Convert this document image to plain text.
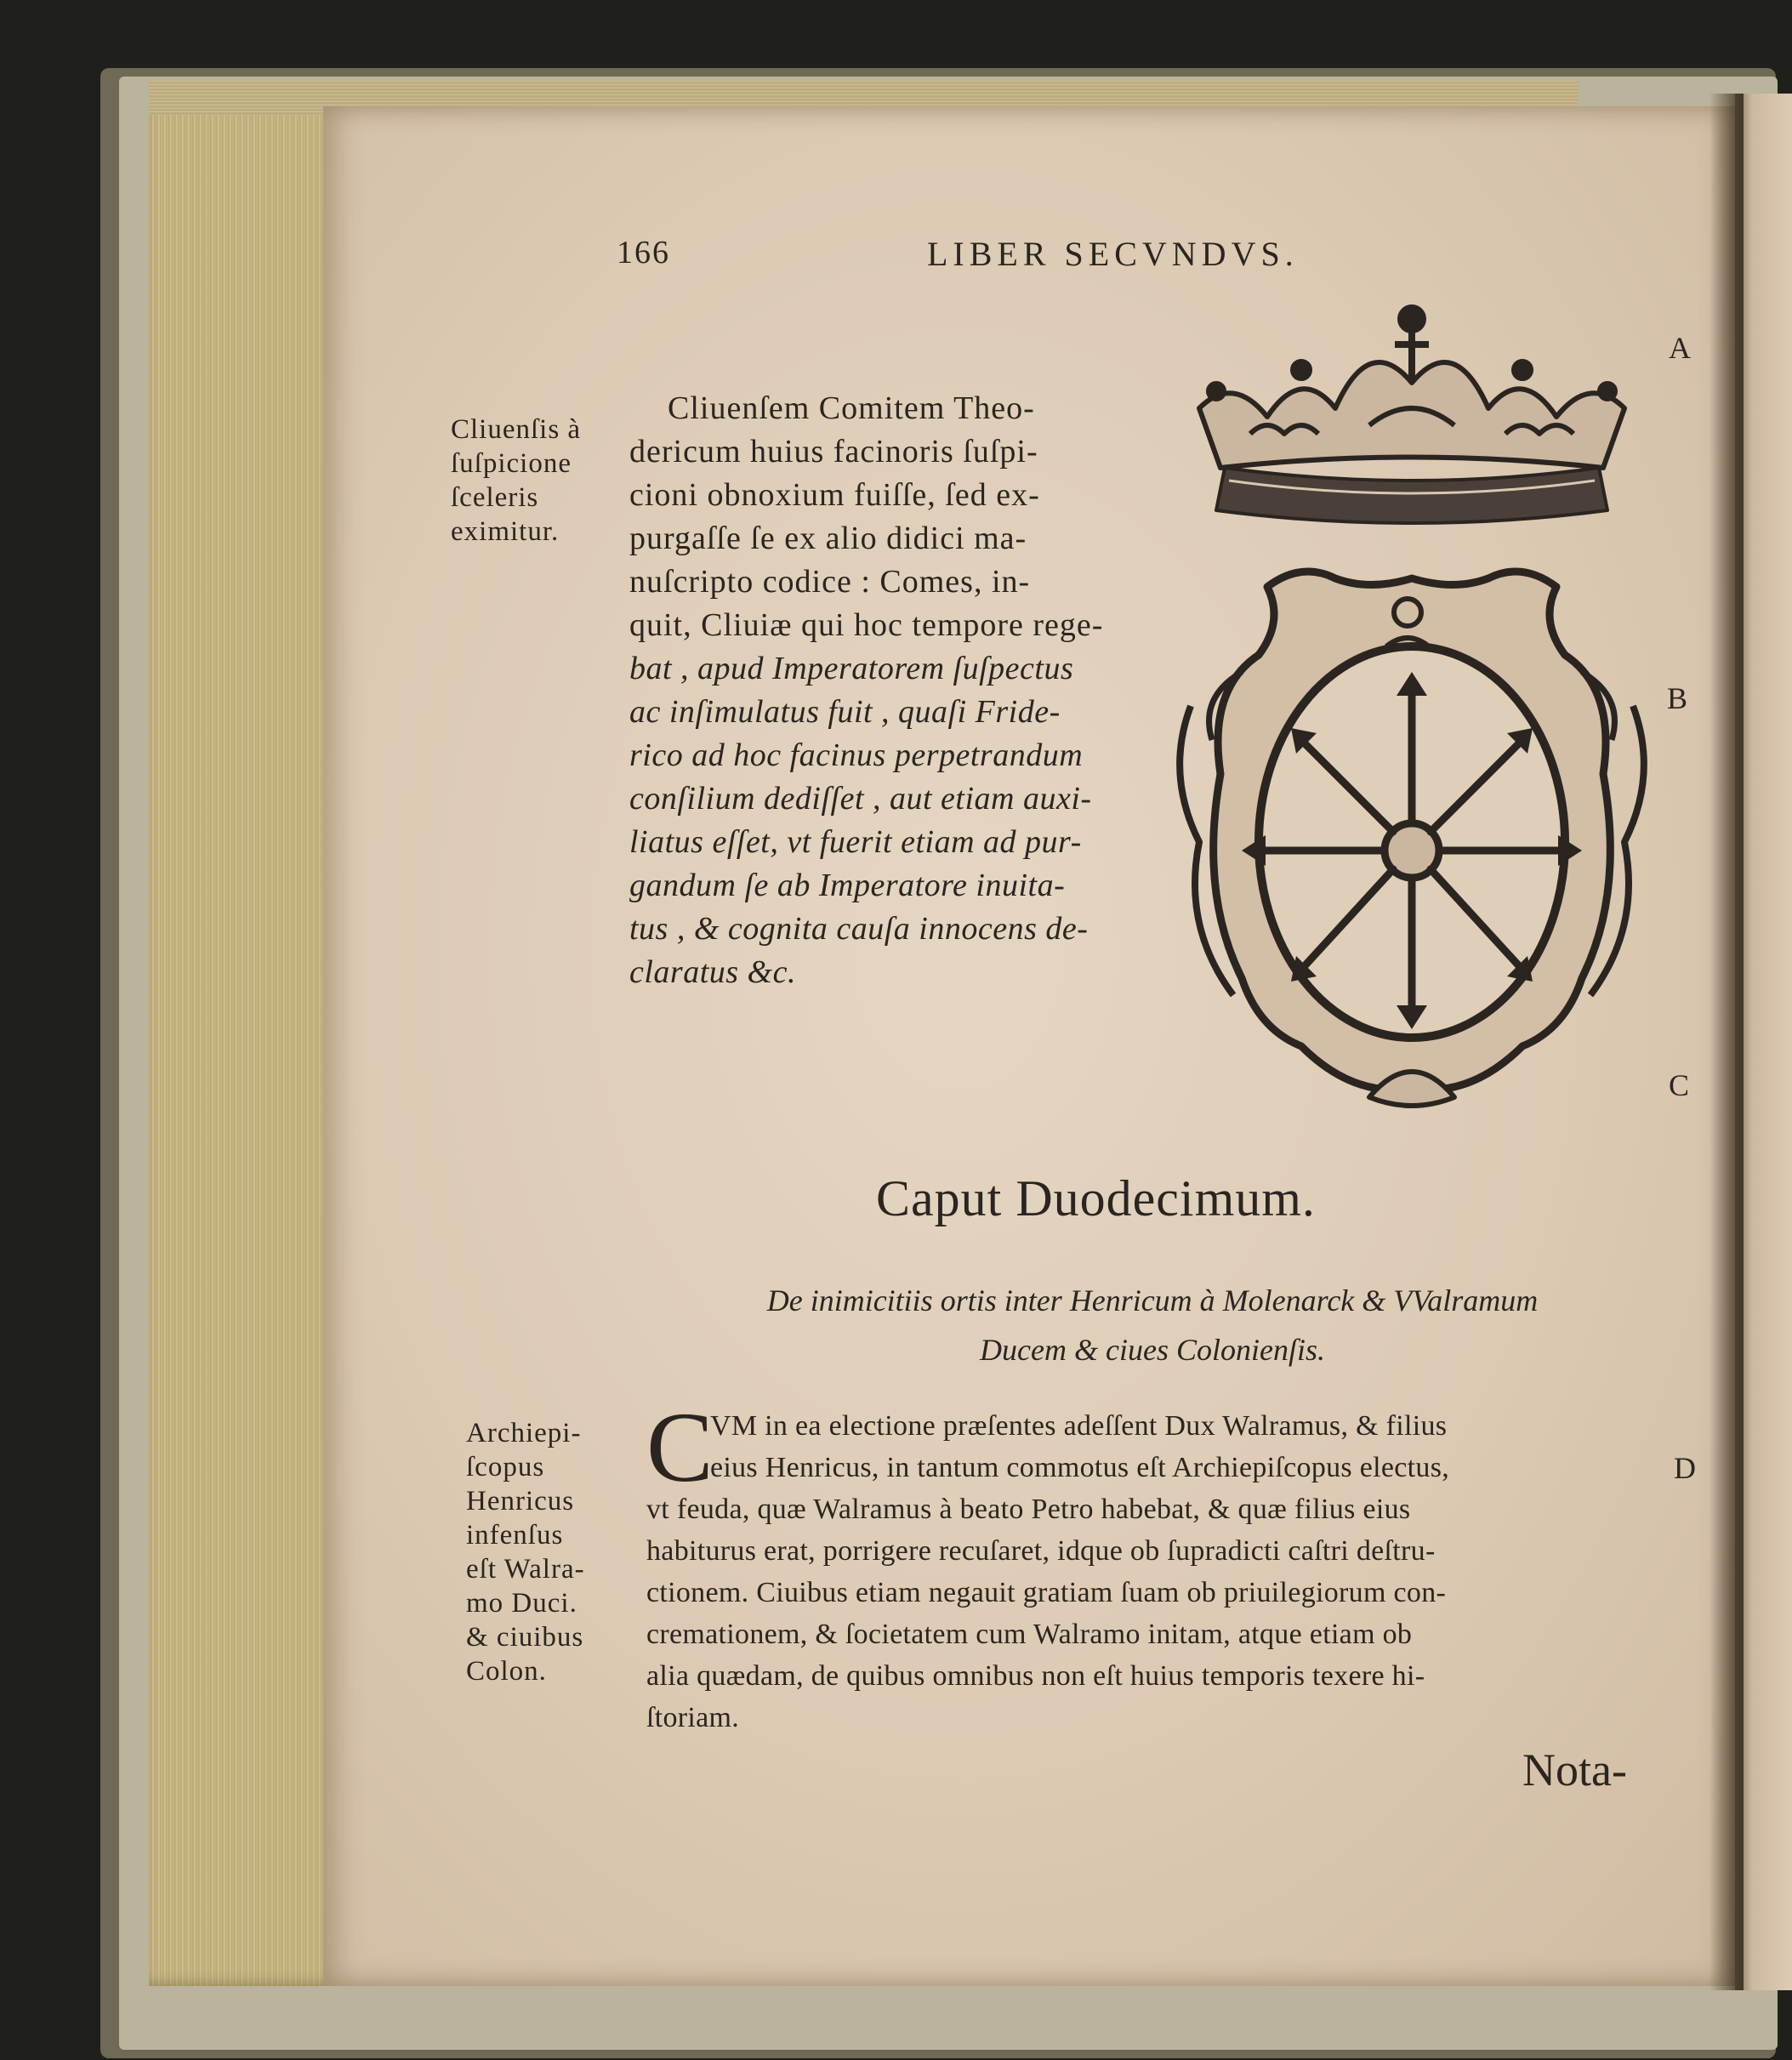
166	LIBER SECVNDVS.
A
B
C
D
Cliuenſis à
ſuſpicione
ſceleris
eximitur.
Archiepi-
ſcopus
Henricus
infenſus
eſt Walra-
mo Duci.
& ciuibus
Colon.
Cliuenſem Comitem Theo-
dericum huius facinoris ſuſpi-
cioni obnoxium fuiſſe, ſed ex-
purgaſſe ſe ex alio didici ma-
nuſcripto codice : Comes, in-
quit, Cliuiæ qui hoc tempore rege-
bat , apud Imperatorem ſuſpectus
ac inſimulatus fuit , quaſi Fride-
rico ad hoc facinus perpetrandum
conſilium dediſſet , aut etiam auxi-
liatus eſſet, vt fuerit etiam ad pur-
gandum ſe ab Imperatore inuita-
tus , & cognita cauſa innocens de-
claratus &c.
Caput Duodecimum.
De inimicitiis ortis inter Henricum à Molenarck & VValramum
Ducem & ciues Colonienſis.
C
VM in ea electione præſentes adeſſent Dux Walramus, & filius
eius Henricus, in tantum commotus eſt Archiepiſcopus electus,
vt feuda, quæ Walramus à beato Petro habebat, & quæ filius eius
habiturus erat, porrigere recuſaret, idque ob ſupradicti caſtri deſtru-
ctionem. Ciuibus etiam negauit gratiam ſuam ob priuilegiorum con-
cremationem, & ſocietatem cum Walramo initam, atque etiam ob
alia quædam, de quibus omnibus non eſt huius temporis texere hi-
ſtoriam.
Nota-
